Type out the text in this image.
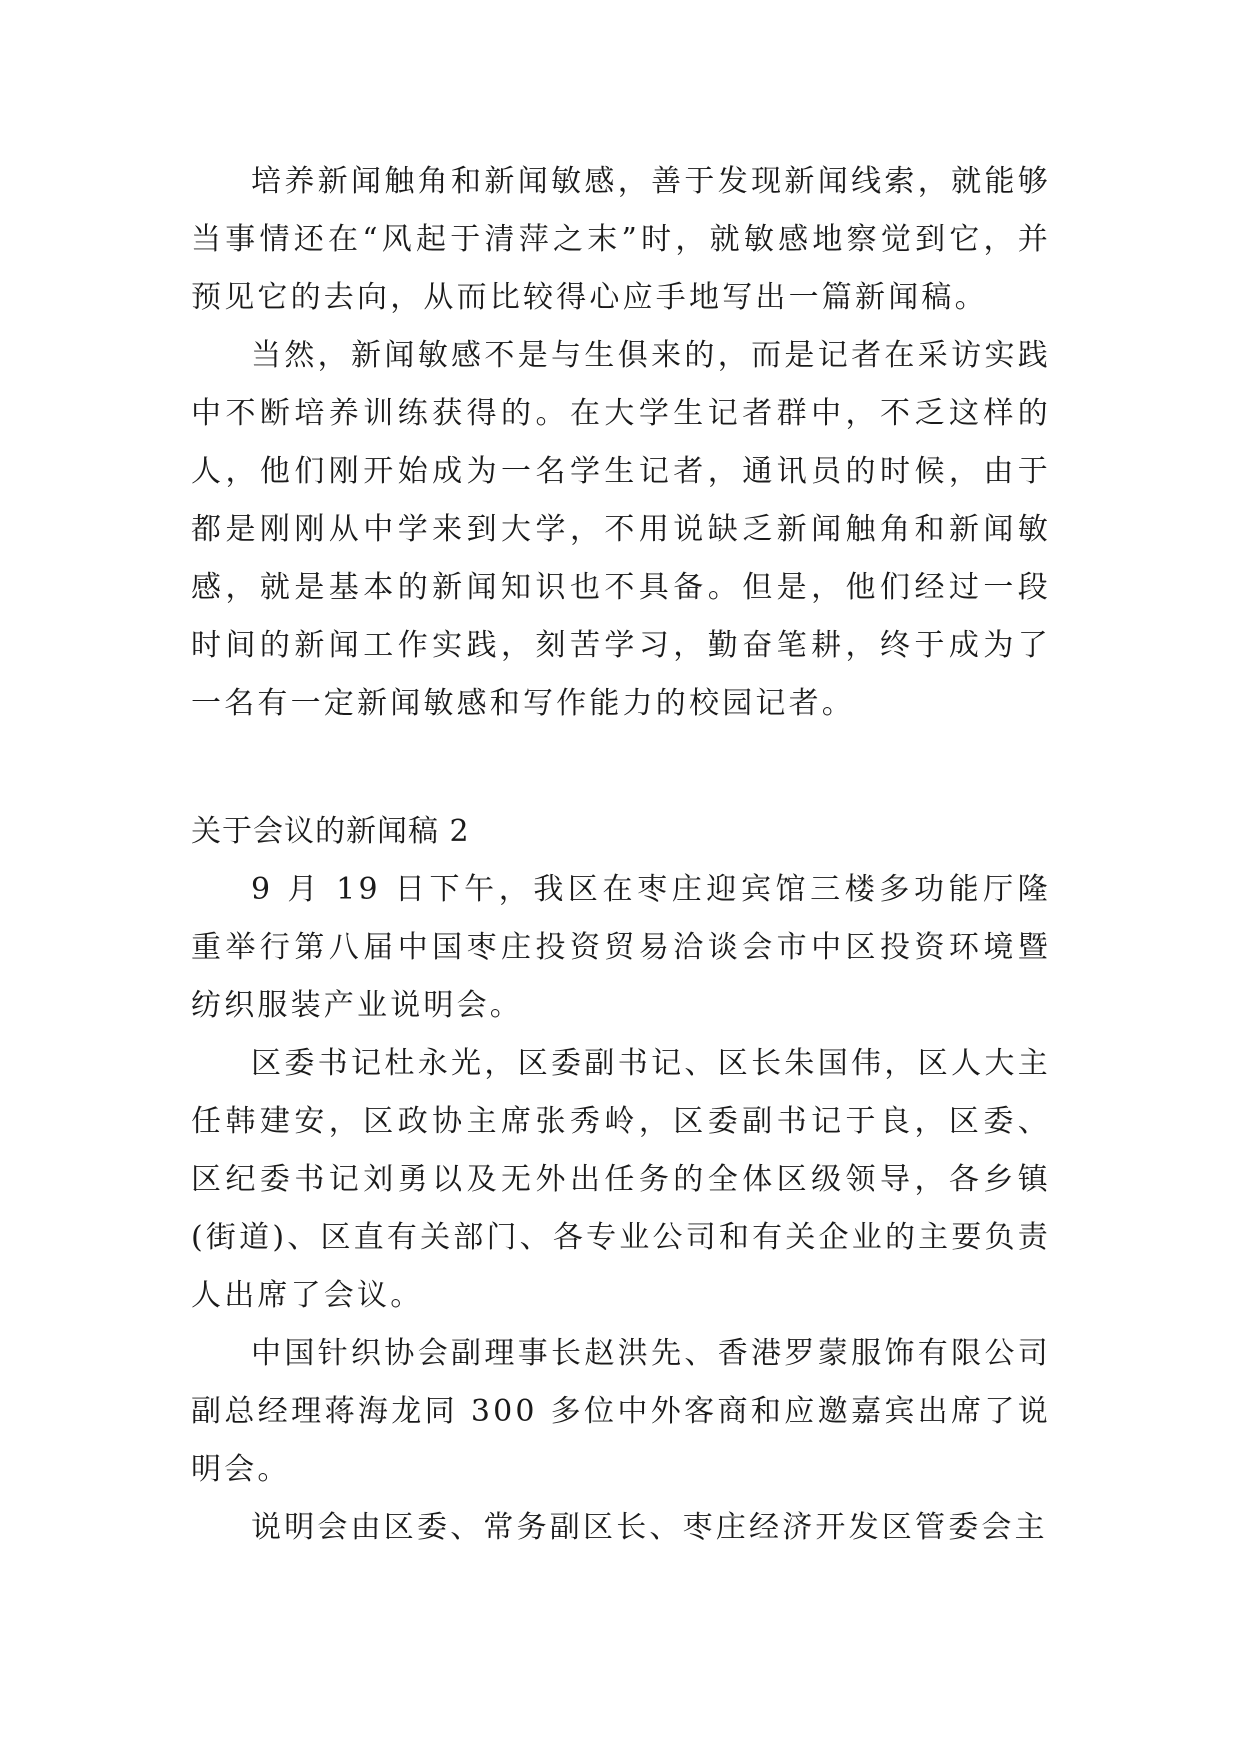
培养新闻触角和新闻敏感，善于发现新闻线索，就能够当事情还在“风起于清萍之末”时，就敏感地察觉到它，并预见它的去向，从而比较得心应手地写出一篇新闻稿。

当然，新闻敏感不是与生俱来的，而是记者在采访实践中不断培养训练获得的。在大学生记者群中，不乏这样的人，他们刚开始成为一名学生记者，通讯员的时候，由于都是刚刚从中学来到大学，不用说缺乏新闻触角和新闻敏感，就是基本的新闻知识也不具备。但是，他们经过一段时间的新闻工作实践，刻苦学习，勤奋笔耕，终于成为了一名有一定新闻敏感和写作能力的校园记者。

关于会议的新闻稿 2

9 月 19 日下午，我区在枣庄迎宾馆三楼多功能厅隆重举行第八届中国枣庄投资贸易洽谈会市中区投资环境暨纺织服装产业说明会。

区委书记杜永光，区委副书记、区长朱国伟，区人大主任韩建安，区政协主席张秀岭，区委副书记于良，区委、区纪委书记刘勇以及无外出任务的全体区级领导，各乡镇(街道)、区直有关部门、各专业公司和有关企业的主要负责人出席了会议。

中国针织协会副理事长赵洪先、香港罗蒙服饰有限公司副总经理蒋海龙同 300 多位中外客商和应邀嘉宾出席了说明会。

说明会由区委、常务副区长、枣庄经济开发区管委会主
